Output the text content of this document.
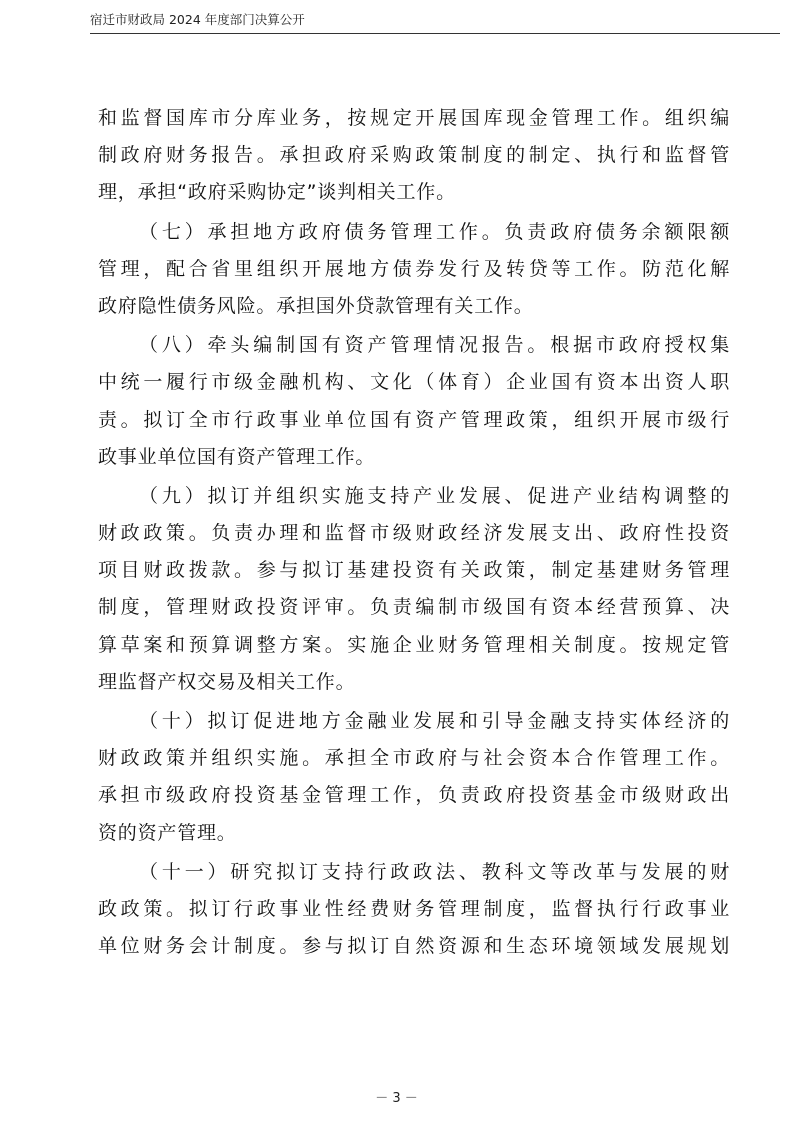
宿迁市财政局 2024 年度部门决算公开
和监督国库市分库业务，按规定开展国库现金管理工作。组织编
制政府财务报告。承担政府采购政策制度的制定、执行和监督管
理，承担“政府采购协定”谈判相关工作。
（七）承担地方政府债务管理工作。负责政府债务余额限额
管理，配合省里组织开展地方债券发行及转贷等工作。防范化解
政府隐性债务风险。承担国外贷款管理有关工作。
（八）牵头编制国有资产管理情况报告。根据市政府授权集
中统一履行市级金融机构、文化（体育）企业国有资本出资人职
责。拟订全市行政事业单位国有资产管理政策，组织开展市级行
政事业单位国有资产管理工作。
（九）拟订并组织实施支持产业发展、促进产业结构调整的
财政政策。负责办理和监督市级财政经济发展支出、政府性投资
项目财政拨款。参与拟订基建投资有关政策，制定基建财务管理
制度，管理财政投资评审。负责编制市级国有资本经营预算、决
算草案和预算调整方案。实施企业财务管理相关制度。按规定管
理监督产权交易及相关工作。
（十）拟订促进地方金融业发展和引导金融支持实体经济的
财政政策并组织实施。承担全市政府与社会资本合作管理工作。
承担市级政府投资基金管理工作，负责政府投资基金市级财政出
资的资产管理。
（十一）研究拟订支持行政政法、教科文等改革与发展的财
政政策。拟订行政事业性经费财务管理制度，监督执行行政事业
单位财务会计制度。参与拟订自然资源和生态环境领域发展规划
－ 3 －
